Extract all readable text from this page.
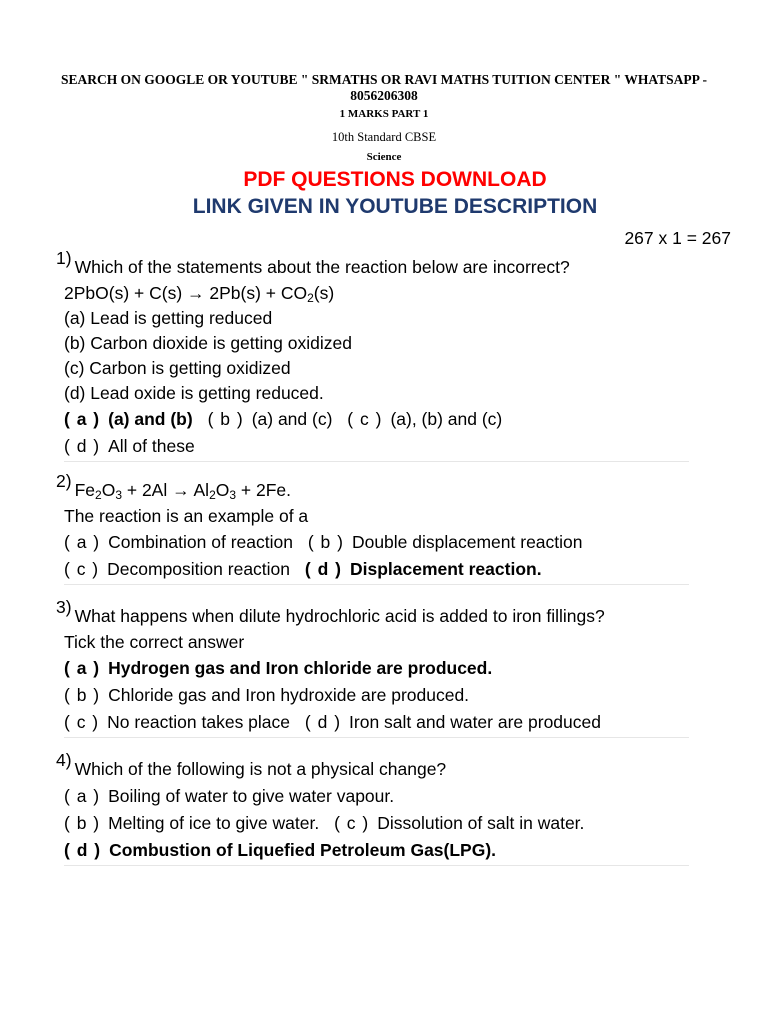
SEARCH ON GOOGLE OR YOUTUBE " SRMATHS OR RAVI MATHS TUITION CENTER " WHATSAPP - 8056206308
1 MARKS PART 1
10th Standard CBSE
Science
PDF QUESTIONS DOWNLOAD
LINK GIVEN IN YOUTUBE DESCRIPTION
267 x 1 = 267
1) Which of the statements about the reaction below are incorrect?
$2PbO(s) + C(s) \to 2Pb(s) + CO_2(s)$
(a) Lead is getting reduced
(b) Carbon dioxide is getting oxidized
(c) Carbon is getting oxidized
(d) Lead oxide is getting reduced.
( a ) (a) and (b) ( b ) (a) and (c) ( c ) (a), (b) and (c)
( d ) All of these
2) $Fe_2O_3 + 2Al \to Al_2O_3 + 2Fe$.
The reaction is an example of a
( a ) Combination of reaction ( b ) Double displacement reaction
( c ) Decomposition reaction ( d ) Displacement reaction.
3) What happens when dilute hydrochloric acid is added to iron fillings?
Tick the correct answer
( a ) Hydrogen gas and Iron chloride are produced.
( b ) Chloride gas and Iron hydroxide are produced.
( c ) No reaction takes place ( d ) Iron salt and water are produced
4) Which of the following is not a physical change?
( a ) Boiling of water to give water vapour.
( b ) Melting of ice to give water. ( c ) Dissolution of salt in water.
( d ) Combustion of Liquefied Petroleum Gas(LPG).
